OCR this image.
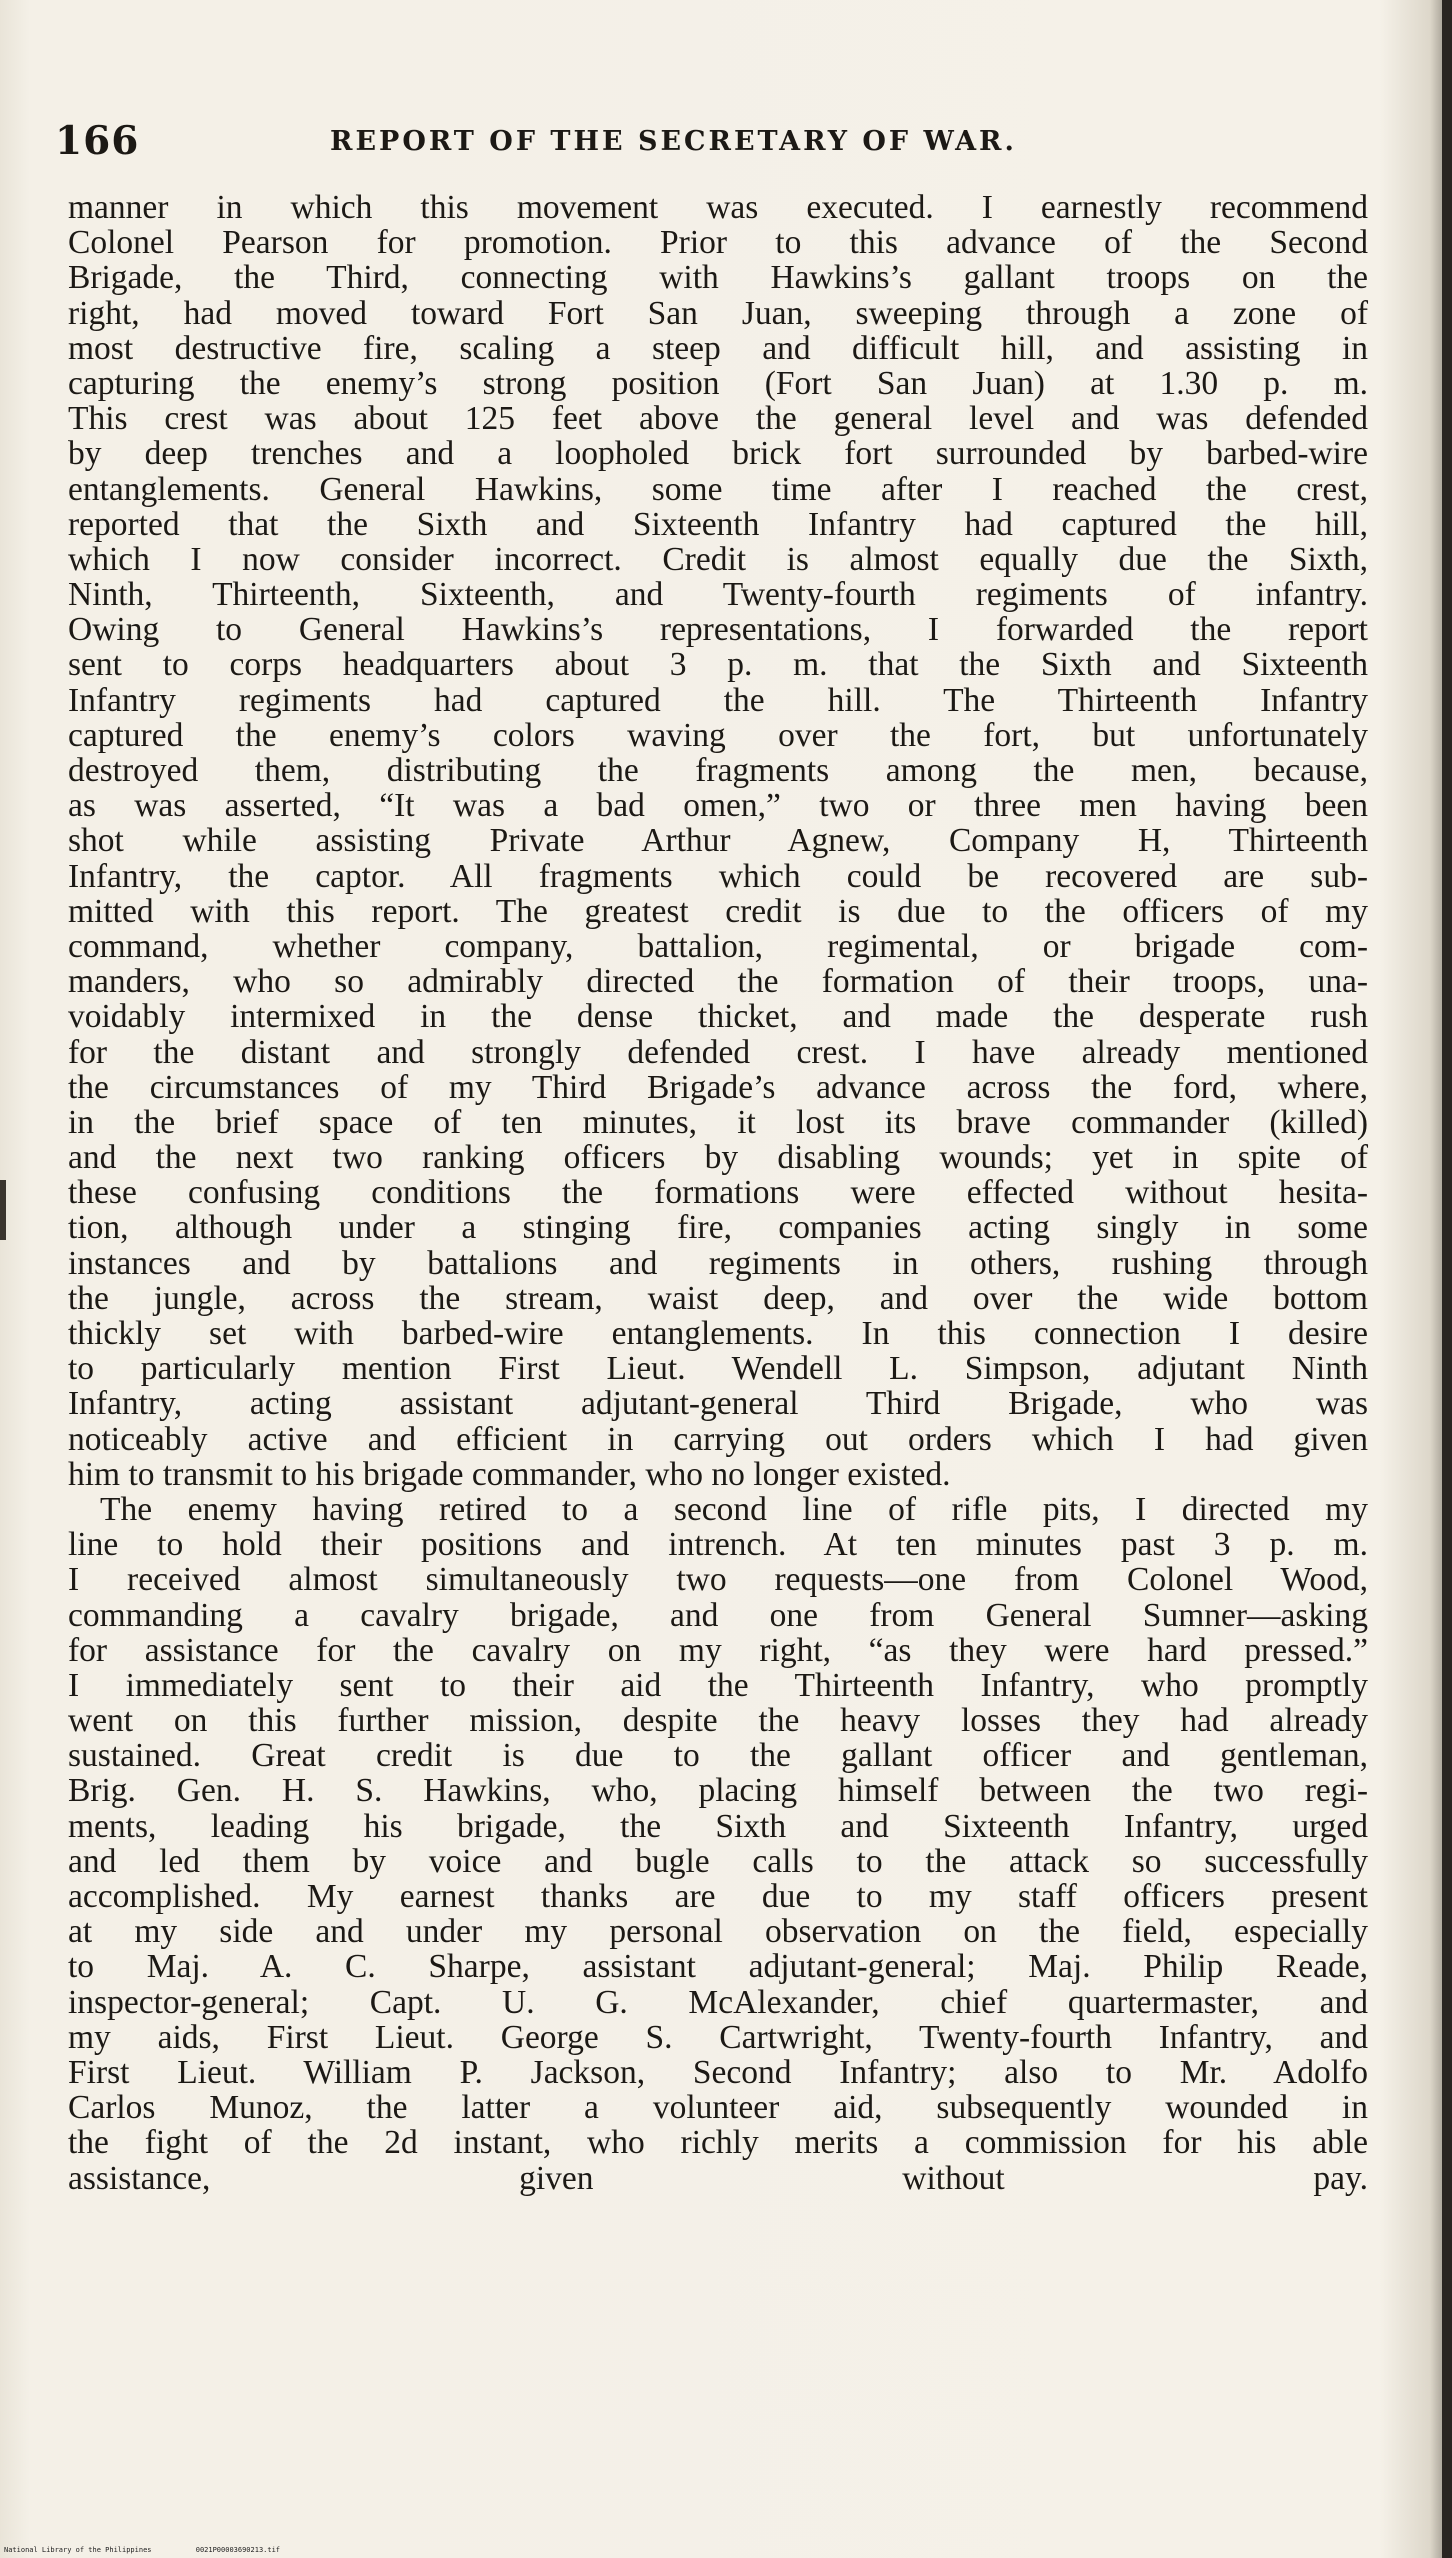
166	REPORT OF THE SECRETARY OF WAR.
manner in which this movement was executed. I earnestly recommend
Colonel Pearson for promotion. Prior to this advance of the Second
Brigade, the Third, connecting with Hawkins’s gallant troops on the
right, had moved toward Fort San Juan, sweeping through a zone of
most destructive fire, scaling a steep and difficult hill, and assisting in
capturing the enemy’s strong position (Fort San Juan) at 1.30 p. m.
This crest was about 125 feet above the general level and was defended
by deep trenches and a loopholed brick fort surrounded by barbed-wire
entanglements. General Hawkins, some time after I reached the crest,
reported that the Sixth and Sixteenth Infantry had captured the hill,
which I now consider incorrect. Credit is almost equally due the Sixth,
Ninth, Thirteenth, Sixteenth, and Twenty-fourth regiments of infantry.
Owing to General Hawkins’s representations, I forwarded the report
sent to corps headquarters about 3 p. m. that the Sixth and Sixteenth
Infantry regiments had captured the hill. The Thirteenth Infantry
captured the enemy’s colors waving over the fort, but unfortunately
destroyed them, distributing the fragments among the men, because,
as was asserted, “It was a bad omen,” two or three men having been
shot while assisting Private Arthur Agnew, Company H, Thirteenth
Infantry, the captor. All fragments which could be recovered are sub-
mitted with this report. The greatest credit is due to the officers of my
command, whether company, battalion, regimental, or brigade com-
manders, who so admirably directed the formation of their troops, una-
voidably intermixed in the dense thicket, and made the desperate rush
for the distant and strongly defended crest. I have already mentioned
the circumstances of my Third Brigade’s advance across the ford, where,
in the brief space of ten minutes, it lost its brave commander (killed)
and the next two ranking officers by disabling wounds; yet in spite of
these confusing conditions the formations were effected without hesita-
tion, although under a stinging fire, companies acting singly in some
instances and by battalions and regiments in others, rushing through
the jungle, across the stream, waist deep, and over the wide bottom
thickly set with barbed-wire entanglements. In this connection I desire
to particularly mention First Lieut. Wendell L. Simpson, adjutant Ninth
Infantry, acting assistant adjutant-general Third Brigade, who was
noticeably active and efficient in carrying out orders which I had given
him to transmit to his brigade commander, who no longer existed.
The enemy having retired to a second line of rifle pits, I directed my
line to hold their positions and intrench. At ten minutes past 3 p. m.
I received almost simultaneously two requests—one from Colonel Wood,
commanding a cavalry brigade, and one from General Sumner—asking
for assistance for the cavalry on my right, “as they were hard pressed.”
I immediately sent to their aid the Thirteenth Infantry, who promptly
went on this further mission, despite the heavy losses they had already
sustained. Great credit is due to the gallant officer and gentleman,
Brig. Gen. H. S. Hawkins, who, placing himself between the two regi-
ments, leading his brigade, the Sixth and Sixteenth Infantry, urged
and led them by voice and bugle calls to the attack so successfully
accomplished. My earnest thanks are due to my staff officers present
at my side and under my personal observation on the field, especially
to Maj. A. C. Sharpe, assistant adjutant-general; Maj. Philip Reade,
inspector-general; Capt. U. G. McAlexander, chief quartermaster, and
my aids, First Lieut. George S. Cartwright, Twenty-fourth Infantry, and
First Lieut. William P. Jackson, Second Infantry; also to Mr. Adolfo
Carlos Munoz, the latter a volunteer aid, subsequently wounded in
the fight of the 2d instant, who richly merits a commission for his able
assistance, given without pay.
National Library of the Philippines	0021P00003690213.tif
